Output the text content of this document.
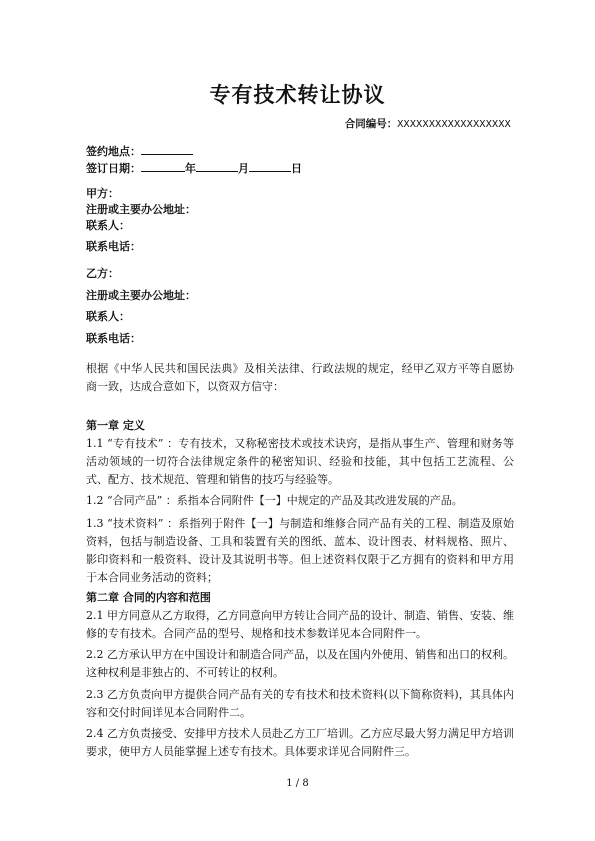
专有技术转让协议
合同编号：XXXXXXXXXXXXXXXXXX
签约地点：
签订日期：	年	月	日
甲方：
注册或主要办公地址：
联系人：
联系电话：
乙方：
注册或主要办公地址：
联系人：
联系电话：
根据《中华人民共和国民法典》及相关法律、行政法规的规定，经甲乙双方平等自愿协商一致，达成合意如下，以资双方信守：
第一章 定义
1.1 “专有技术” ：专有技术，又称秘密技术或技术诀窍，是指从事生产、管理和财务等活动领域的一切符合法律规定条件的秘密知识、经验和技能，其中包括工艺流程、公式、配方、技术规范、管理和销售的技巧与经验等。
1.2 “合同产品” ：系指本合同附件【一】中规定的产品及其改进发展的产品。
1.3 “技术资料” ：系指列于附件【一】与制造和维修合同产品有关的工程、制造及原始资料，包括与制造设备、工具和装置有关的图纸、蓝本、设计图表、材料规格、照片、影印资料和一般资料、设计及其说明书等。但上述资料仅限于乙方拥有的资料和甲方用于本合同业务活动的资料；
第二章 合同的内容和范围
2.1 甲方同意从乙方取得，乙方同意向甲方转让合同产品的设计、制造、销售、安装、维修的专有技术。合同产品的型号、规格和技术参数详见本合同附件一。
2.2 乙方承认甲方在中国设计和制造合同产品，以及在国内外使用、销售和出口的权利。这种权利是非独占的、不可转让的权利。
2.3 乙方负责向甲方提供合同产品有关的专有技术和技术资料(以下简称资料)，其具体内容和交付时间详见本合同附件二。
2.4 乙方负责接受、安排甲方技术人员赴乙方工厂培训。乙方应尽最大努力满足甲方培训要求，使甲方人员能掌握上述专有技术。具体要求详见合同附件三。
1 / 8
